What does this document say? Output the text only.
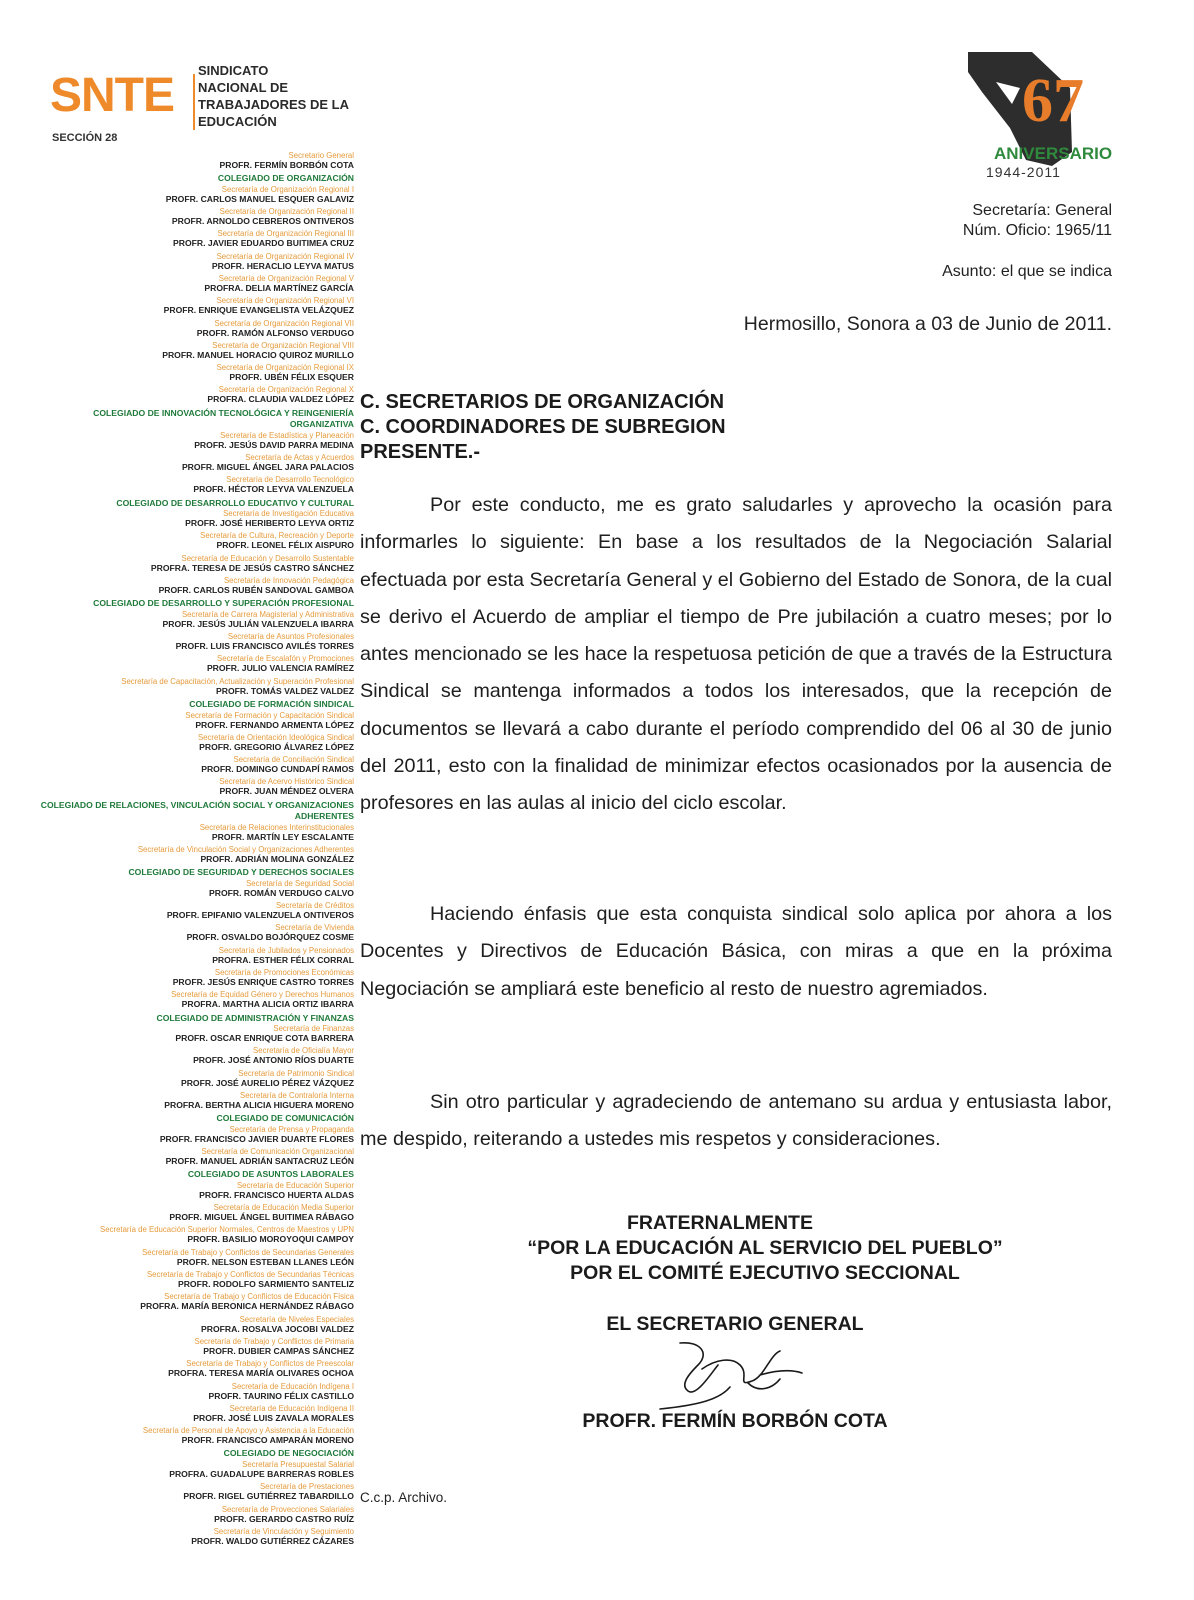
SNTE
SECCIÓN 28
SINDICATO
NACIONAL DE
TRABAJADORES DE LA
EDUCACIÓN
Secretario General
PROFR. FERMÍN BORBÓN COTA
COLEGIADO DE ORGANIZACIÓN
Secretaría de Organización Regional I
PROFR. CARLOS MANUEL ESQUER GALAVIZ
Secretaría de Organización Regional II
PROFR. ARNOLDO CEBREROS ONTIVEROS
Secretaría de Organización Regional III
PROFR. JAVIER EDUARDO BUITIMEA CRUZ
Secretaría de Organización Regional IV
PROFR. HERACLIO LEYVA MATUS
Secretaría de Organización Regional V
PROFRA. DELIA MARTÍNEZ GARCÍA
Secretaría de Organización Regional VI
PROFR. ENRIQUE EVANGELISTA VELÁZQUEZ
Secretaría de Organización Regional VII
PROFR. RAMÓN ALFONSO VERDUGO
Secretaría de Organización Regional VIII
PROFR. MANUEL HORACIO QUIROZ MURILLO
Secretaría de Organización Regional IX
PROFR. UBÉN FÉLIX ESQUER
Secretaría de Organización Regional X
PROFRA. CLAUDIA VALDEZ LÓPEZ
COLEGIADO DE INNOVACIÓN TECNOLÓGICA Y REINGENIERÍA ORGANIZATIVA
Secretaría de Estadística y Planeación
PROFR. JESÚS DAVID PARRA MEDINA
Secretaría de Actas y Acuerdos
PROFR. MIGUEL ÁNGEL JARA PALACIOS
Secretaría de Desarrollo Tecnológico
PROFR. HÉCTOR LEYVA VALENZUELA
COLEGIADO DE DESARROLLO EDUCATIVO Y CULTURAL
Secretaría de Investigación Educativa
PROFR. JOSÉ HERIBERTO LEYVA ORTIZ
Secretaría de Cultura, Recreación y Deporte
PROFR. LEONEL FÉLIX AISPURO
Secretaría de Educación y Desarrollo Sustentable
PROFRA. TERESA DE JESÚS CASTRO SÁNCHEZ
Secretaría de Innovación Pedagógica
PROFR. CARLOS RUBÉN SANDOVAL GAMBOA
COLEGIADO DE DESARROLLO Y SUPERACIÓN PROFESIONAL
Secretaría de Carrera Magisterial y Administrativa
PROFR. JESÚS JULIÁN VALENZUELA IBARRA
Secretaría de Asuntos Profesionales
PROFR. LUIS FRANCISCO AVILÉS TORRES
Secretaría de Escalafón y Promociones
PROFR. JULIO VALENCIA RAMÍREZ
Secretaría de Capacitación, Actualización y Superación Profesional
PROFR. TOMÁS VALDEZ VALDEZ
COLEGIADO DE FORMACIÓN SINDICAL
Secretaría de Formación y Capacitación Sindical
PROFR. FERNANDO ARMENTA LÓPEZ
Secretaría de Orientación Ideológica Sindical
PROFR. GREGORIO ÁLVAREZ LÓPEZ
Secretaría de Conciliación Sindical
PROFR. DOMINGO CUNDAPÍ RAMOS
Secretaría de Acervo Histórico Sindical
PROFR. JUAN MÉNDEZ OLVERA
COLEGIADO DE RELACIONES, VINCULACIÓN SOCIAL Y ORGANIZACIONES ADHERENTES
Secretaría de Relaciones Interinstitucionales
PROFR. MARTÍN LEY ESCALANTE
Secretaría de Vinculación Social y Organizaciones Adherentes
PROFR. ADRIÁN MOLINA GONZÁLEZ
COLEGIADO DE SEGURIDAD Y DERECHOS SOCIALES
Secretaría de Seguridad Social
PROFR. ROMÁN VERDUGO CALVO
Secretaría de Créditos
PROFR. EPIFANIO VALENZUELA ONTIVEROS
Secretaría de Vivienda
PROFR. OSVALDO BOJÓRQUEZ COSME
Secretaría de Jubilados y Pensionados
PROFRA. ESTHER FÉLIX CORRAL
Secretaría de Promociones Económicas
PROFR. JESÚS ENRIQUE CASTRO TORRES
Secretaría de Equidad Género y Derechos Humanos
PROFRA. MARTHA ALICIA ORTIZ IBARRA
COLEGIADO DE ADMINISTRACIÓN Y FINANZAS
Secretaría de Finanzas
PROFR. OSCAR ENRIQUE COTA BARRERA
Secretaría de Oficialía Mayor
PROFR. JOSÉ ANTONIO RÍOS DUARTE
Secretaría de Patrimonio Sindical
PROFR. JOSÉ AURELIO PÉREZ VÁZQUEZ
Secretaría de Contraloría Interna
PROFRA. BERTHA ALICIA HIGUERA MORENO
COLEGIADO DE COMUNICACIÓN
Secretaría de Prensa y Propaganda
PROFR. FRANCISCO JAVIER DUARTE FLORES
Secretaría de Comunicación Organizacional
PROFR. MANUEL ADRIÁN SANTACRUZ LEÓN
COLEGIADO DE ASUNTOS LABORALES
Secretaría de Educación Superior
PROFR. FRANCISCO HUERTA ALDAS
Secretaría de Educación Media Superior
PROFR. MIGUEL ÁNGEL BUITIMEA RÁBAGO
Secretaría de Educación Superior Normales, Centros de Maestros y UPN
PROFR. BASILIO MOROYOQUI CAMPOY
Secretaría de Trabajo y Conflictos de Secundarias Generales
PROFR. NELSON ESTEBAN LLANES LEÓN
Secretaría de Trabajo y Conflictos de Secundarias Técnicas
PROFR. RODOLFO SARMIENTO SANTELIZ
Secretaría de Trabajo y Conflictos de Educación Física
PROFRA. MARÍA BERONICA HERNÁNDEZ RÁBAGO
Secretaría de Niveles Especiales
PROFRA. ROSALVA JOCOBI VALDEZ
Secretaría de Trabajo y Conflictos de Primaria
PROFR. DUBIER CAMPAS SÁNCHEZ
Secretaría de Trabajo y Conflictos de Preescolar
PROFRA. TERESA MARÍA OLIVARES OCHOA
Secretaría de Educación Indígena I
PROFR. TAURINO FÉLIX CASTILLO
Secretaría de Educación Indígena II
PROFR. JOSÉ LUIS ZAVALA MORALES
Secretaría de Personal de Apoyo y Asistencia a la Educación
PROFR. FRANCISCO AMPARÁN MORENO
COLEGIADO DE NEGOCIACIÓN
Secretaría Presupuestal Salarial
PROFRA. GUADALUPE BARRERAS ROBLES
Secretaría de Prestaciones
PROFR. RIGEL GUTIÉRREZ TABARDILLO
Secretaría de Provecciones Salariales
PROFR. GERARDO CASTRO RUÍZ
Secretaría de Vinculación y Seguimiento
PROFR. WALDO GUTIÉRREZ CÁZARES
67
ANIVERSARIO
1944-2011
Secretaría: General
Núm. Oficio: 1965/11
Asunto: el que se indica
Hermosillo, Sonora a 03 de Junio de 2011.
C. SECRETARIOS DE ORGANIZACIÓN
C. COORDINADORES DE SUBREGION
PRESENTE.-
Por este conducto, me es grato saludarles y aprovecho la ocasión para informarles lo siguiente: En base a los resultados de la Negociación Salarial efectuada por esta Secretaría General y el Gobierno del Estado de Sonora, de la cual se derivo el Acuerdo de ampliar el tiempo de Pre jubilación a cuatro meses; por lo antes mencionado se les hace la respetuosa petición de que a través de la Estructura Sindical se mantenga informados a todos los interesados, que la recepción de documentos se llevará a cabo durante el período comprendido del 06 al 30 de junio del 2011, esto con la finalidad de minimizar efectos ocasionados por la ausencia de profesores en las aulas al inicio del ciclo escolar.
Haciendo énfasis que esta conquista sindical solo aplica por ahora a los Docentes y Directivos de Educación Básica, con miras a que en la próxima Negociación se ampliará este beneficio al resto de nuestro agremiados.
Sin otro particular y agradeciendo de antemano su ardua y entusiasta labor, me despido, reiterando a ustedes mis respetos y consideraciones.
FRATERNALMENTE
“POR LA EDUCACIÓN AL SERVICIO DEL PUEBLO”
POR EL COMITÉ EJECUTIVO SECCIONAL
EL SECRETARIO GENERAL
PROFR. FERMÍN BORBÓN COTA
C.c.p. Archivo.
